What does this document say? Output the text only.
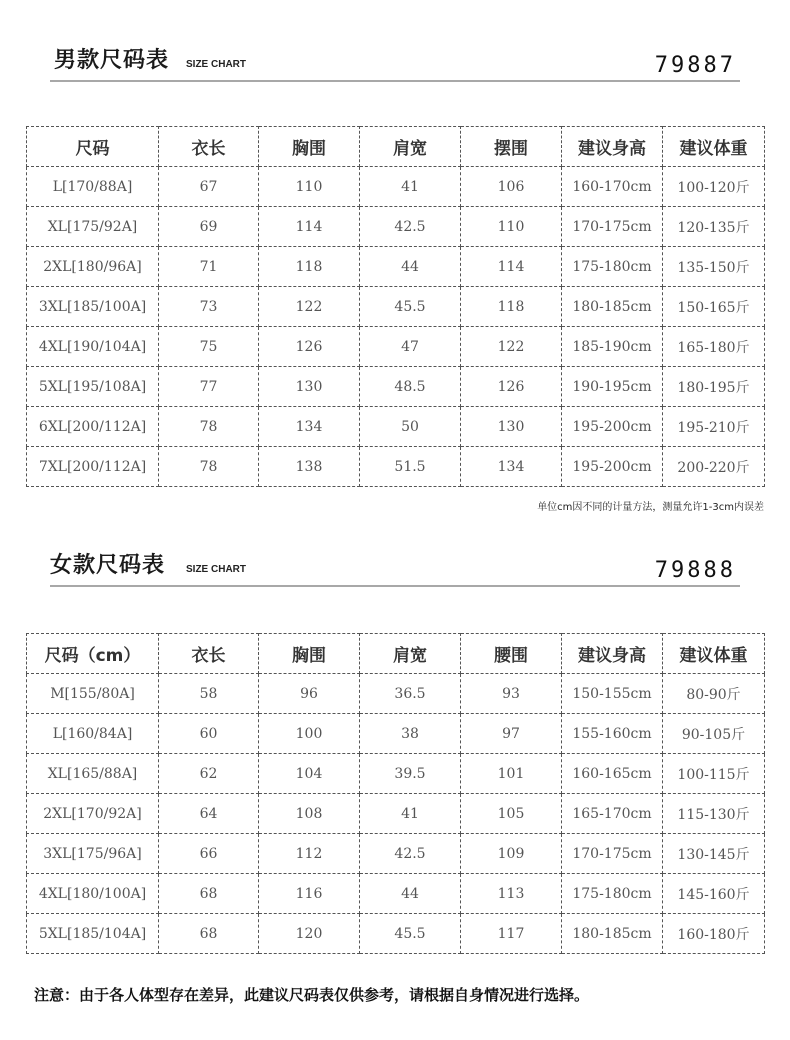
男款尺码表 SIZE CHART	79887
尺码	衣长	胸围	肩宽	摆围	建议身高	建议体重
L[170/88A]	67	110	41	106	160-170cm	100-120斤
XL[175/92A]	69	114	42.5	110	170-175cm	120-135斤
2XL[180/96A]	71	118	44	114	175-180cm	135-150斤
3XL[185/100A]	73	122	45.5	118	180-185cm	150-165斤
4XL[190/104A]	75	126	47	122	185-190cm	165-180斤
5XL[195/108A]	77	130	48.5	126	190-195cm	180-195斤
6XL[200/112A]	78	134	50	130	195-200cm	195-210斤
7XL[200/112A]	78	138	51.5	134	195-200cm	200-220斤
单位cm因不同的计量方法，测量允许1-3cm内误差
女款尺码表 SIZE CHART	79888
尺码（cm）	衣长	胸围	肩宽	腰围	建议身高	建议体重
M[155/80A]	58	96	36.5	93	150-155cm	80-90斤
L[160/84A]	60	100	38	97	155-160cm	90-105斤
XL[165/88A]	62	104	39.5	101	160-165cm	100-115斤
2XL[170/92A]	64	108	41	105	165-170cm	115-130斤
3XL[175/96A]	66	112	42.5	109	170-175cm	130-145斤
4XL[180/100A]	68	116	44	113	175-180cm	145-160斤
5XL[185/104A]	68	120	45.5	117	180-185cm	160-180斤
注意：由于各人体型存在差异，此建议尺码表仅供参考，请根据自身情况进行选择。
